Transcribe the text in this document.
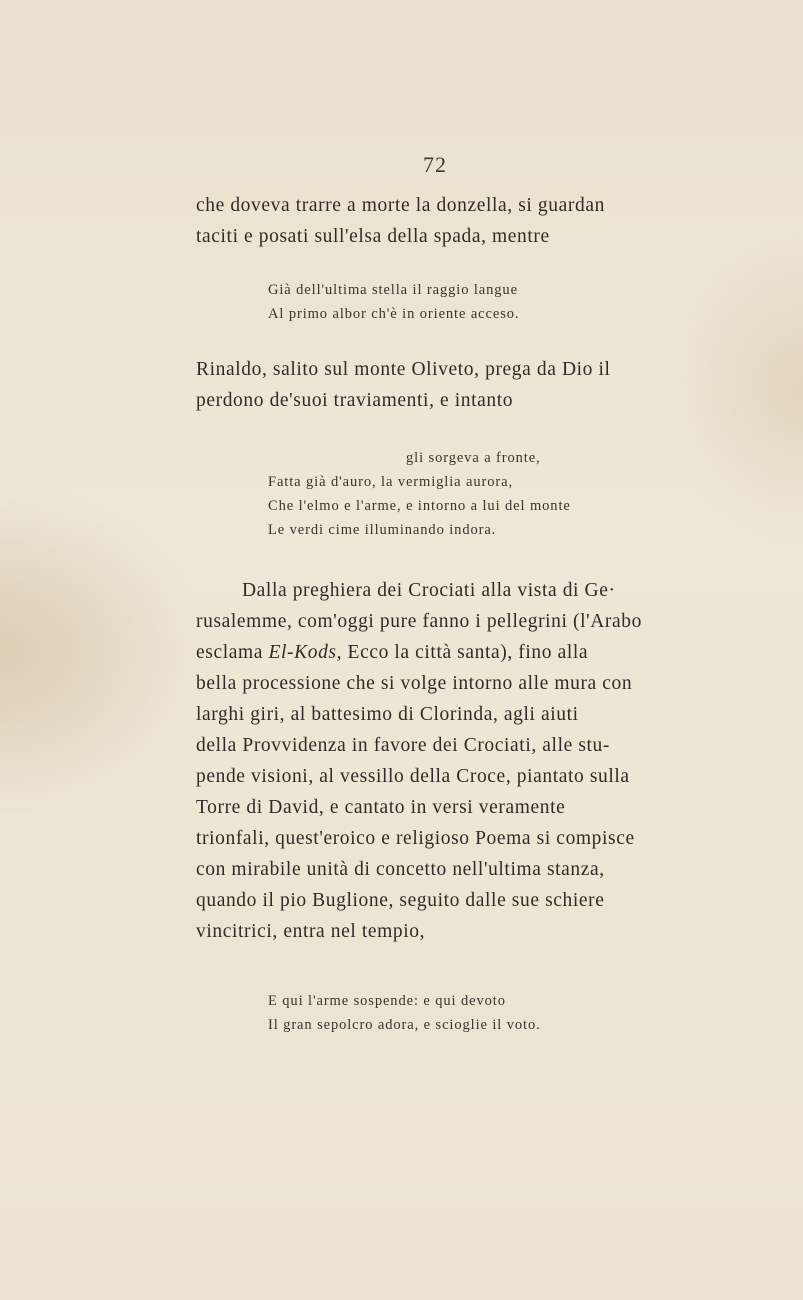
72
che doveva trarre a morte la donzella, si guardan
taciti e posati sull'elsa della spada, mentre
Già dell'ultima stella il raggio langue
Al primo albor ch'è in oriente acceso.
Rinaldo, salito sul monte Oliveto, prega da Dio il
perdono de'suoi traviamenti, e intanto
gli sorgeva a fronte,
Fatta già d'auro, la vermiglia aurora,
Che l'elmo e l'arme, e intorno a lui del monte
Le verdi cime illuminando indora.
Dalla preghiera dei Crociati alla vista di Ge·
rusalemme, com'oggi pure fanno i pellegrini (l'Arabo
esclama El-Kods, Ecco la città santa), fino alla
bella processione che si volge intorno alle mura con
larghi giri, al battesimo di Clorinda, agli aiuti
della Provvidenza in favore dei Crociati, alle stu-
pende visioni, al vessillo della Croce, piantato sulla
Torre di David, e cantato in versi veramente
trionfali, quest'eroico e religioso Poema si compisce
con mirabile unità di concetto nell'ultima stanza,
quando il pio Buglione, seguito dalle sue schiere
vincitrici, entra nel tempio,
E qui l'arme sospende: e qui devoto
Il gran sepolcro adora, e scioglie il voto.
